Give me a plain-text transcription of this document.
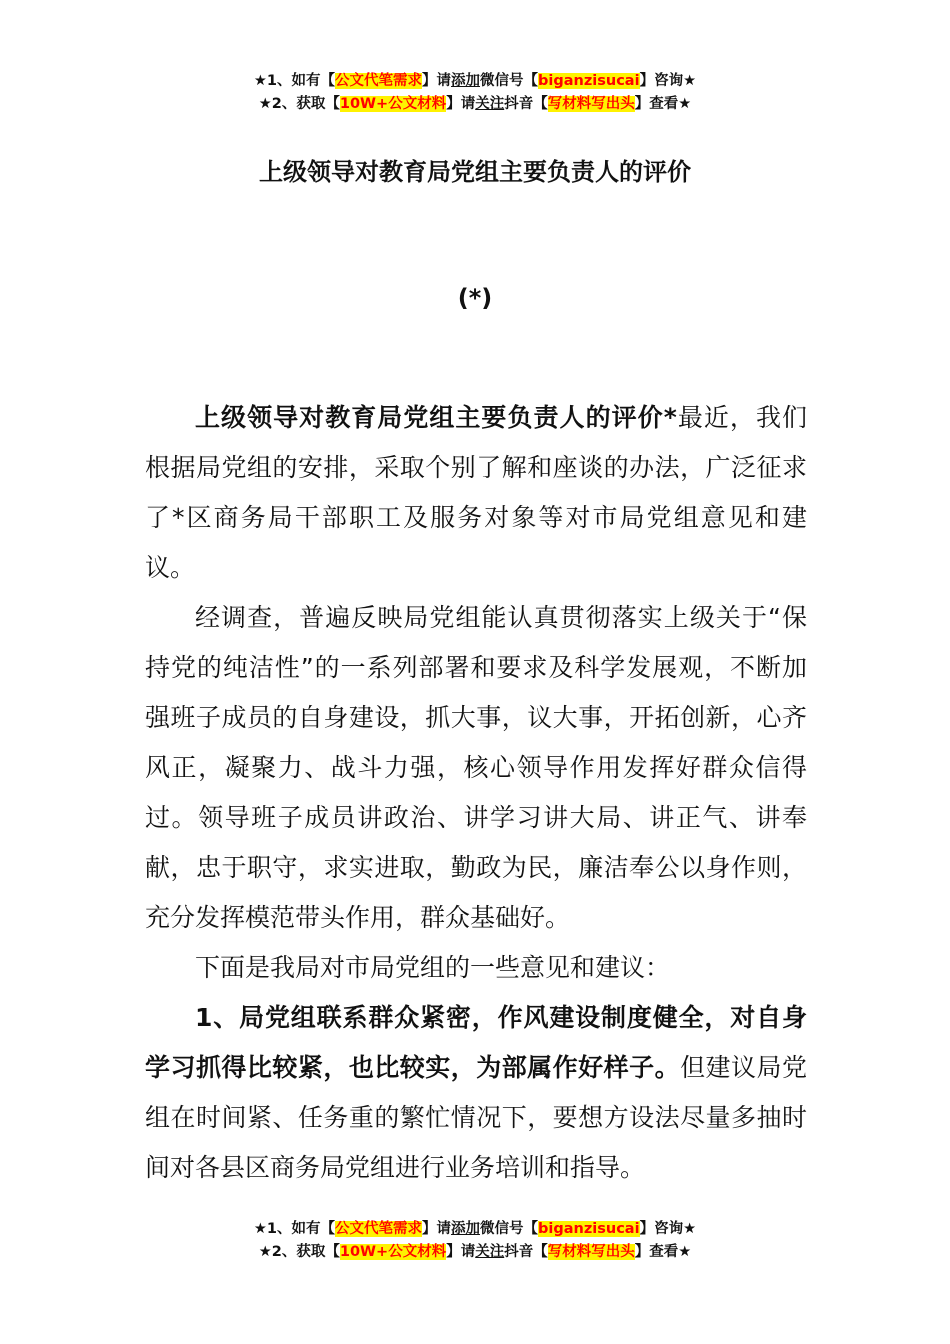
★1、如有【公文代笔需求】请添加微信号【biganzisucai】咨询★
★2、获取【10W+公文材料】请关注抖音【写材料写出头】查看★
上级领导对教育局党组主要负责人的评价
(*)

上级领导对教育局党组主要负责人的评价*最近，我们根据局党组的安排，采取个别了解和座谈的办法，广泛征求了*区商务局干部职工及服务对象等对市局党组意见和建议。

经调查，普遍反映局党组能认真贯彻落实上级关于“保持党的纯洁性”的一系列部署和要求及科学发展观，不断加强班子成员的自身建设，抓大事，议大事，开拓创新，心齐风正，凝聚力、战斗力强，核心领导作用发挥好群众信得过。领导班子成员讲政治、讲学习讲大局、讲正气、讲奉献，忠于职守，求实进取，勤政为民，廉洁奉公以身作则，充分发挥模范带头作用，群众基础好。

下面是我局对市局党组的一些意见和建议：

1、局党组联系群众紧密，作风建设制度健全，对自身学习抓得比较紧，也比较实，为部属作好样子。但建议局党组在时间紧、任务重的繁忙情况下，要想方设法尽量多抽时间对各县区商务局党组进行业务培训和指导。

★1、如有【公文代笔需求】请添加微信号【biganzisucai】咨询★
★2、获取【10W+公文材料】请关注抖音【写材料写出头】查看★
